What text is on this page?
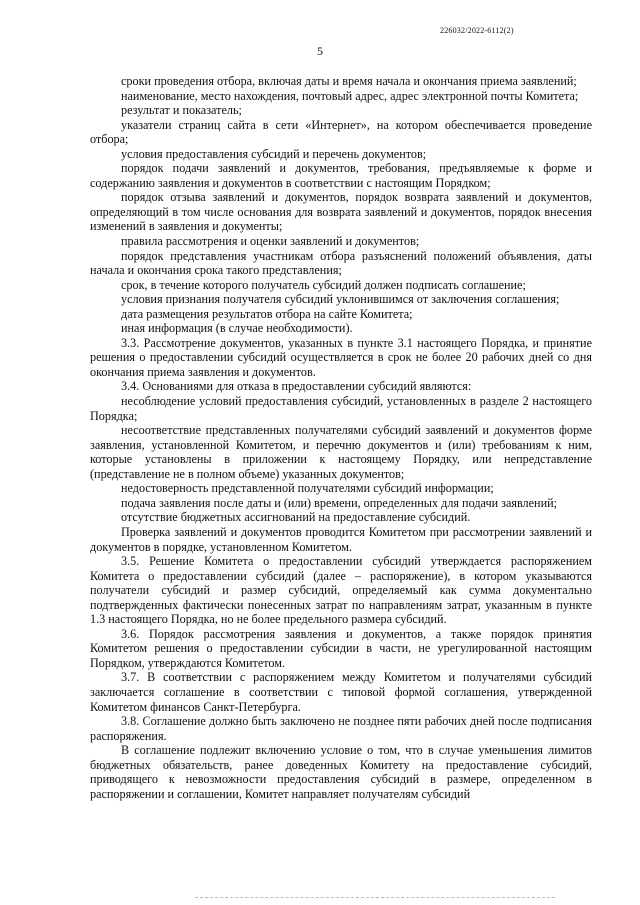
226032/2022-6112(2)
5

сроки проведения отбора, включая даты и время начала и окончания приема заявлений;

наименование, место нахождения, почтовый адрес, адрес электронной почты Комитета;

результат и показатель;

указатели страниц сайта в сети «Интернет», на котором обеспечивается проведение отбора;

условия предоставления субсидий и перечень документов;

порядок подачи заявлений и документов, требования, предъявляемые к форме и содержанию заявления и документов в соответствии с настоящим Порядком;

порядок отзыва заявлений и документов, порядок возврата заявлений и документов, определяющий в том числе основания для возврата заявлений и документов, порядок внесения изменений в заявления и документы;

правила рассмотрения и оценки заявлений и документов;

порядок представления участникам отбора разъяснений положений объявления, даты начала и окончания срока такого представления;

срок, в течение которого получатель субсидий должен подписать соглашение;

условия признания получателя субсидий уклонившимся от заключения соглашения;

дата размещения результатов отбора на сайте Комитета;

иная информация (в случае необходимости).

3.3. Рассмотрение документов, указанных в пункте 3.1 настоящего Порядка, и принятие решения о предоставлении субсидий осуществляется в срок не более 20 рабочих дней со дня окончания приема заявления и документов.

3.4. Основаниями для отказа в предоставлении субсидий являются:

несоблюдение условий предоставления субсидий, установленных в разделе 2 настоящего Порядка;

несоответствие представленных получателями субсидий заявлений и документов форме заявления, установленной Комитетом, и перечню документов и (или) требованиям к ним, которые установлены в приложении к настоящему Порядку, или непредставление (представление не в полном объеме) указанных документов;

недостоверность представленной получателями субсидий информации;

подача заявления после даты и (или) времени, определенных для подачи заявлений;

отсутствие бюджетных ассигнований на предоставление субсидий.

Проверка заявлений и документов проводится Комитетом при рассмотрении заявлений и документов в порядке, установленном Комитетом.

3.5. Решение Комитета о предоставлении субсидий утверждается распоряжением Комитета о предоставлении субсидий (далее – распоряжение), в котором указываются получатели субсидий и размер субсидий, определяемый как сумма документально подтвержденных фактически понесенных затрат по направлениям затрат, указанным в пункте 1.3 настоящего Порядка, но не более предельного размера субсидий.

3.6. Порядок рассмотрения заявления и документов, а также порядок принятия Комитетом решения о предоставлении субсидии в части, не урегулированной настоящим Порядком, утверждаются Комитетом.

3.7. В соответствии с распоряжением между Комитетом и получателями субсидий заключается соглашение в соответствии с типовой формой соглашения, утвержденной Комитетом финансов Санкт-Петербурга.

3.8. Соглашение должно быть заключено не позднее пяти рабочих дней после подписания распоряжения.

В соглашение подлежит включению условие о том, что в случае уменьшения лимитов бюджетных обязательств, ранее доведенных Комитету на предоставление субсидий, приводящего к невозможности предоставления субсидий в размере, определенном в распоряжении и соглашении, Комитет направляет получателям субсидий
